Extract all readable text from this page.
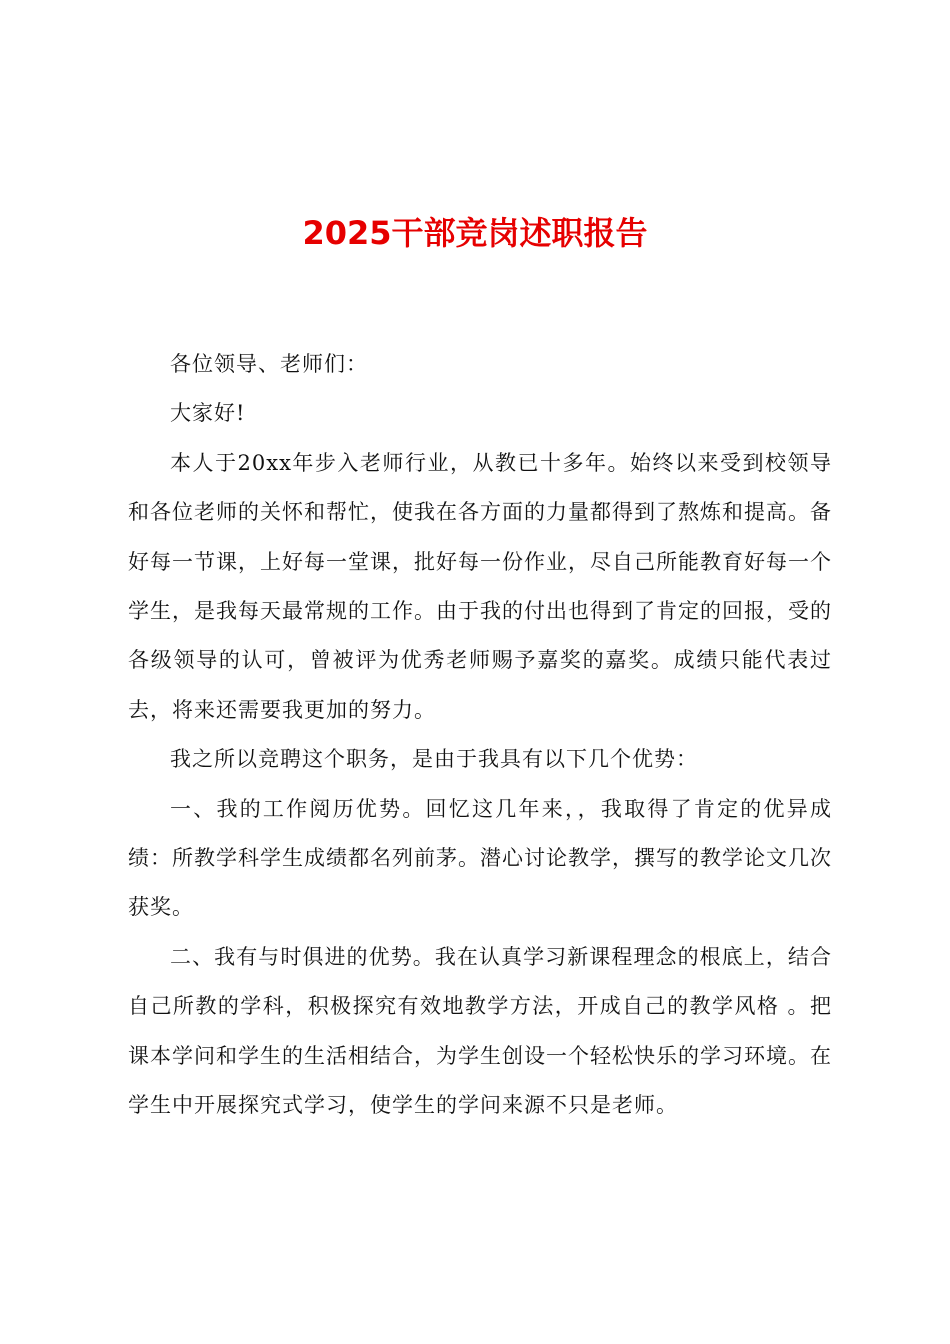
2025干部竞岗述职报告

各位领导、老师们：

大家好!

本人于20xx年步入老师行业，从教已十多年。始终以来受到校领导和各位老师的关怀和帮忙，使我在各方面的力量都得到了熬炼和提高。备好每一节课，上好每一堂课，批好每一份作业，尽自己所能教育好每一个学生，是我每天最常规的工作。由于我的付出也得到了肯定的回报，受的各级领导的认可，曾被评为优秀老师赐予嘉奖的嘉奖。成绩只能代表过去，将来还需要我更加的努力。

我之所以竞聘这个职务，是由于我具有以下几个优势：

一、我的工作阅历优势。回忆这几年来，，我取得了肯定的优异成绩：所教学科学生成绩都名列前茅。潜心讨论教学，撰写的教学论文几次获奖。

二、我有与时俱进的优势。我在认真学习新课程理念的根底上，结合自己所教的学科，积极探究有效地教学方法，开成自己的教学风格 。把课本学问和学生的生活相结合，为学生创设一个轻松快乐的学习环境。在学生中开展探究式学习，使学生的学问来源不只是老师。
